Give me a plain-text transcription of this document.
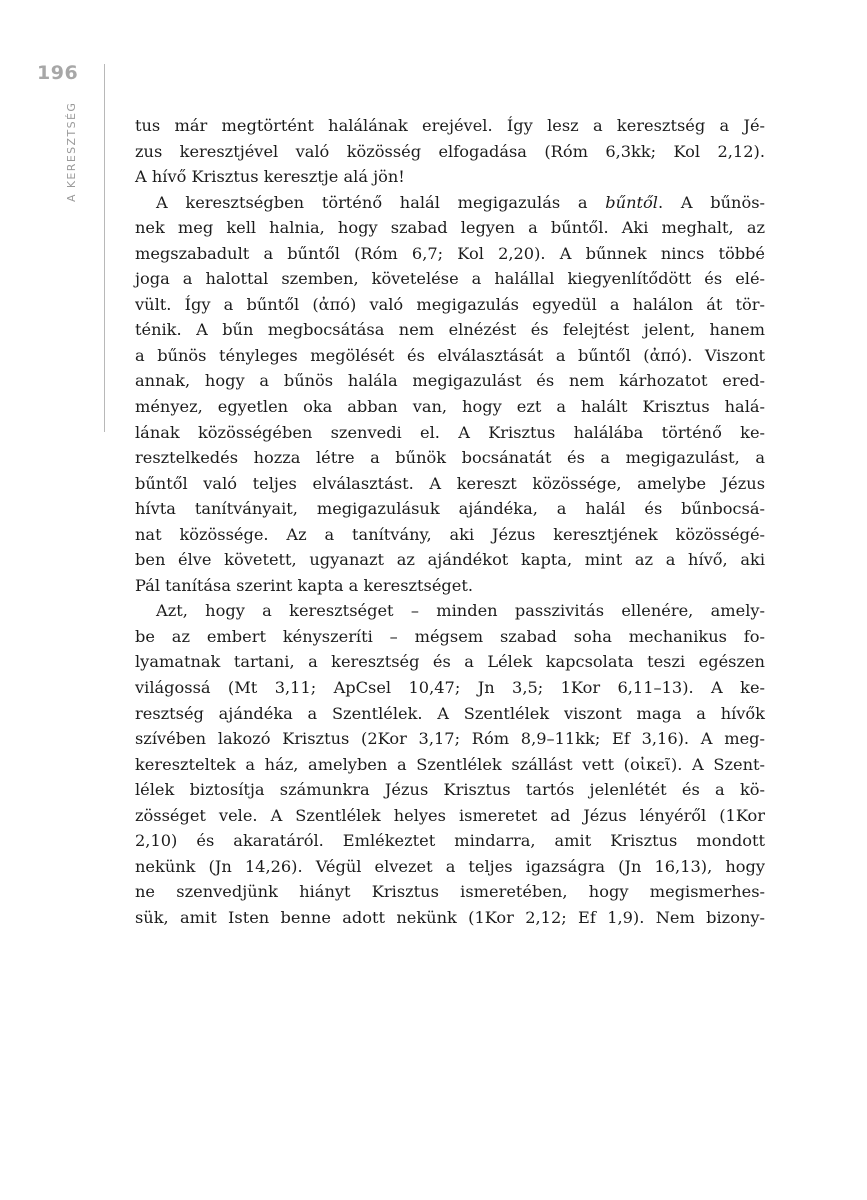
196
A KERESZTSÉG	tus már megtörtént halálának erejével. Így lesz a keresztség a Jé-
zus keresztjével való közösség elfogadása (Róm 6,3kk; Kol 2,12).
A hívő Krisztus keresztje alá jön!
A keresztségben történő halál megigazulás a bűntől. A bűnös-
nek meg kell halnia, hogy szabad legyen a bűntől. Aki meghalt, az
megszabadult a bűntől (Róm 6,7; Kol 2,20). A bűnnek nincs többé
joga a halottal szemben, követelése a halállal kiegyenlítődött és elé-
vült. Így a bűntől (ἀπό) való megigazulás egyedül a halálon át tör-
ténik. A bűn megbocsátása nem elnézést és felejtést jelent, hanem
a bűnös tényleges megölését és elválasztását a bűntől (ἀπό). Viszont
annak, hogy a bűnös halála megigazulást és nem kárhozatot ered-
ményez, egyetlen oka abban van, hogy ezt a halált Krisztus halá-
lának közösségében szenvedi el. A Krisztus halálába történő ke-
resztelkedés hozza létre a bűnök bocsánatát és a megigazulást, a
bűntől való teljes elválasztást. A kereszt közössége, amelybe Jézus
hívta tanítványait, megigazulásuk ajándéka, a halál és bűnbocsá-
nat közössége. Az a tanítvány, aki Jézus keresztjének közösségé-
ben élve követett, ugyanazt az ajándékot kapta, mint az a hívő, aki
Pál tanítása szerint kapta a keresztséget.
Azt, hogy a keresztséget – minden passzivitás ellenére, amely-
be az embert kényszeríti – mégsem szabad soha mechanikus fo-
lyamatnak tartani, a keresztség és a Lélek kapcsolata teszi egészen
világossá (Mt 3,11; ApCsel 10,47; Jn 3,5; 1Kor 6,11–13). A ke-
resztség ajándéka a Szentlélek. A Szentlélek viszont maga a hívők
szívében lakozó Krisztus (2Kor 3,17; Róm 8,9–11kk; Ef 3,16). A meg-
kereszteltek a ház, amelyben a Szentlélek szállást vett (οἰκεῖ). A Szent-
lélek biztosítja számunkra Jézus Krisztus tartós jelenlétét és a kö-
zösséget vele. A Szentlélek helyes ismeretet ad Jézus lényéről (1Kor
2,10) és akaratáról. Emlékeztet mindarra, amit Krisztus mondott
nekünk (Jn 14,26). Végül elvezet a teljes igazságra (Jn 16,13), hogy
ne szenvedjünk hiányt Krisztus ismeretében, hogy megismerhes-
sük, amit Isten benne adott nekünk (1Kor 2,12; Ef 1,9). Nem bizony-
